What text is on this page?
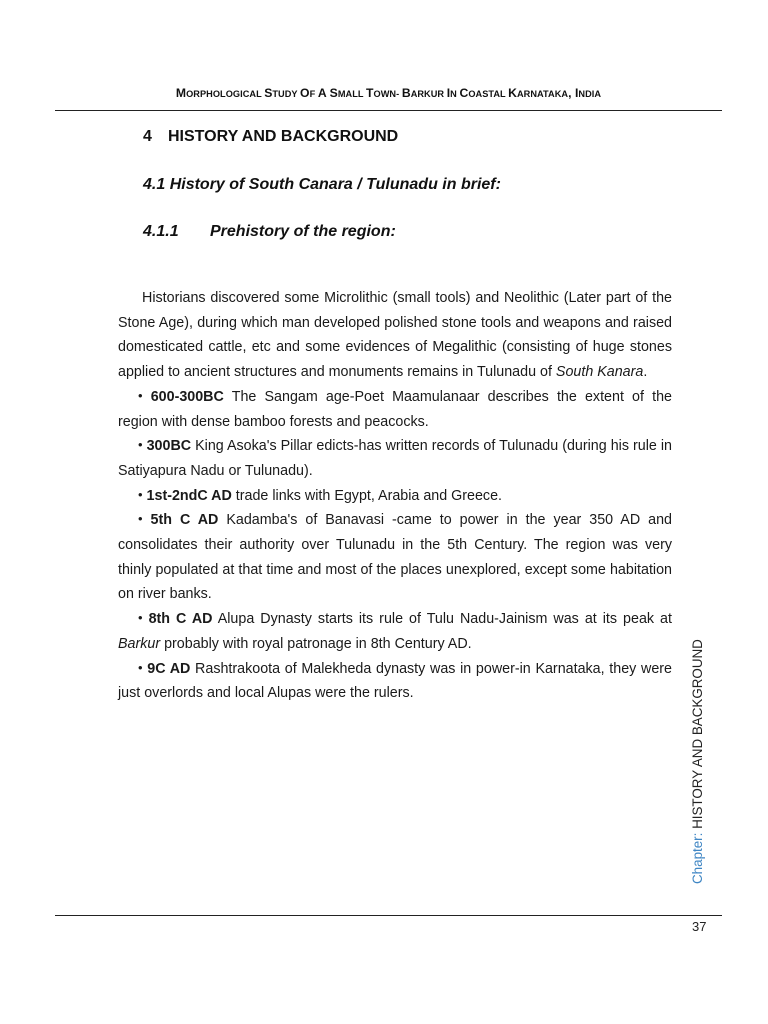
MORPHOLOGICAL STUDY OF A SMALL TOWN- BARKUR IN COASTAL KARNATAKA, INDIA
4 HISTORY AND BACKGROUND
4.1 History of South Canara / Tulunadu in brief:
4.1.1 Prehistory of the region:

Historians discovered some Microlithic (small tools) and Neolithic (Later part of the Stone Age), during which man developed polished stone tools and weapons and raised domesticated cattle, etc and some evidences of Megalithic (consisting of huge stones applied to ancient structures and monuments remains in Tulunadu of South Kanara.

• 600-300BC The Sangam age-Poet Maamulanaar describes the extent of the region with dense bamboo forests and peacocks.

• 300BC King Asoka's Pillar edicts-has written records of Tulunadu (during his rule in Satiyapura Nadu or Tulunadu).

• 1st-2ndC AD trade links with Egypt, Arabia and Greece.

• 5th C AD Kadamba's of Banavasi -came to power in the year 350 AD and consolidates their authority over Tulunadu in the 5th Century. The region was very thinly populated at that time and most of the places unexplored, except some habitation on river banks.

• 8th C AD Alupa Dynasty starts its rule of Tulu Nadu-Jainism was at its peak at Barkur probably with royal patronage in 8th Century AD.

• 9C AD Rashtrakoota of Malekheda dynasty was in power-in Karnataka, they were just overlords and local Alupas were the rulers.

Chapter: HISTORY AND BACKGROUND
37
